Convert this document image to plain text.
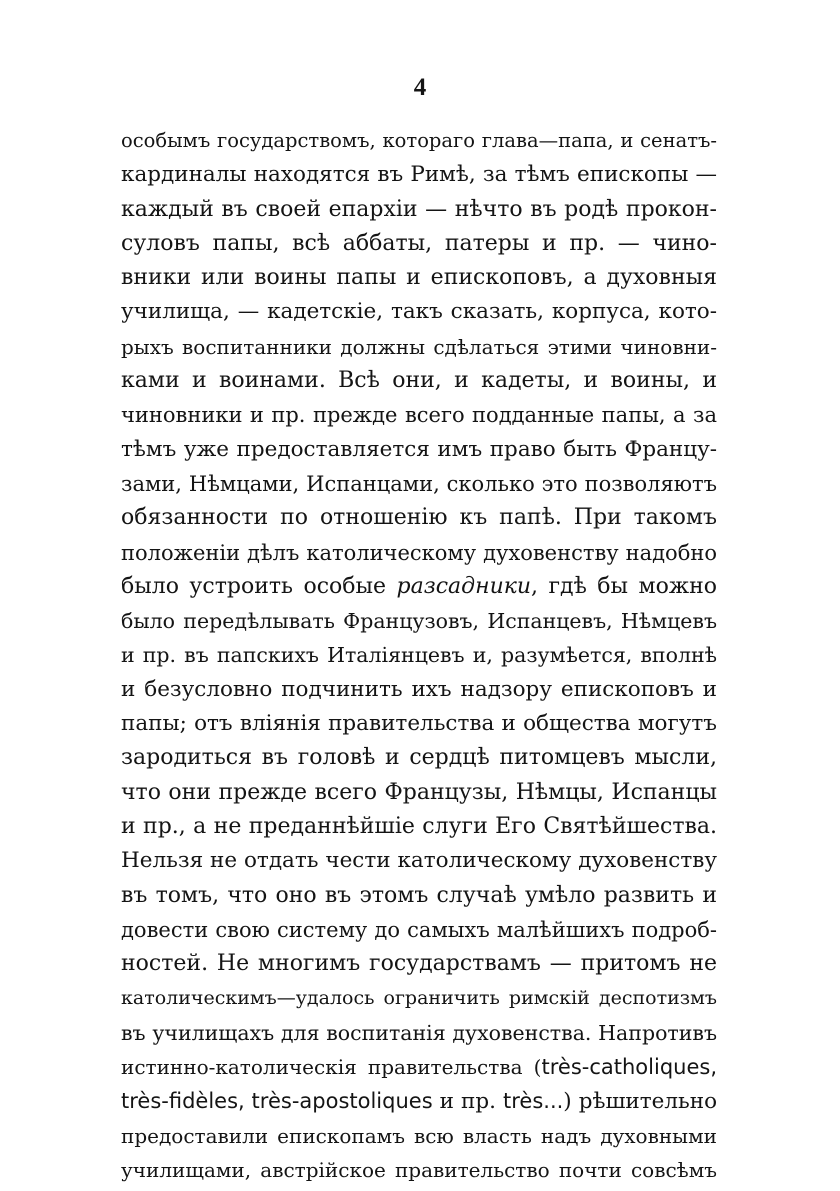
4
особымъ государствомъ, котораго глава—папа, и сенатъ-
кардиналы находятся въ Римѣ, за тѣмъ епископы —
каждый въ своей епархіи — нѣчто въ родѣ прокон-
суловъ папы, всѣ аббаты, патеры и пр. — чино-
вники или воины папы и епископовъ, а духовныя
училища, — кадетскіе, такъ сказать, корпуса, кото-
рыхъ воспитанники должны сдѣлаться этими чиновни-
ками и воинами. Всѣ они, и кадеты, и воины, и
чиновники и пр. прежде всего подданные папы, а за
тѣмъ уже предоставляется имъ право быть Францу-
зами, Нѣмцами, Испанцами, сколько это позволяютъ
обязанности по отношенію къ папѣ. При такомъ
положеніи дѣлъ католическому духовенству надобно
было устроить особые разсадники, гдѣ бы можно
было передѣлывать Французовъ, Испанцевъ, Нѣмцевъ
и пр. въ папскихъ Италіянцевъ и, разумѣется, вполнѣ
и безусловно подчинить ихъ надзору епископовъ и
папы; отъ вліянія правительства и общества могутъ
зародиться въ головѣ и сердцѣ питомцевъ мысли,
что они прежде всего Французы, Нѣмцы, Испанцы
и пр., а не преданнѣйшіе слуги Его Святѣйшества.
Нельзя не отдать чести католическому духовенству
въ томъ, что оно въ этомъ случаѣ умѣло развить и
довести свою систему до самыхъ малѣйшихъ подроб-
ностей. Не многимъ государствамъ — притомъ не
католическимъ—удалось ограничить римскій деспотизмъ
въ училищахъ для воспитанія духовенства. Напротивъ
истинно-католическія правительства (très-catholiques,
très-fidèles, très-apostoliques и пр. très...) рѣшительно
предоставили епископамъ всю власть надъ духовными
училищами, австрійское правительство почти совсѣмъ
